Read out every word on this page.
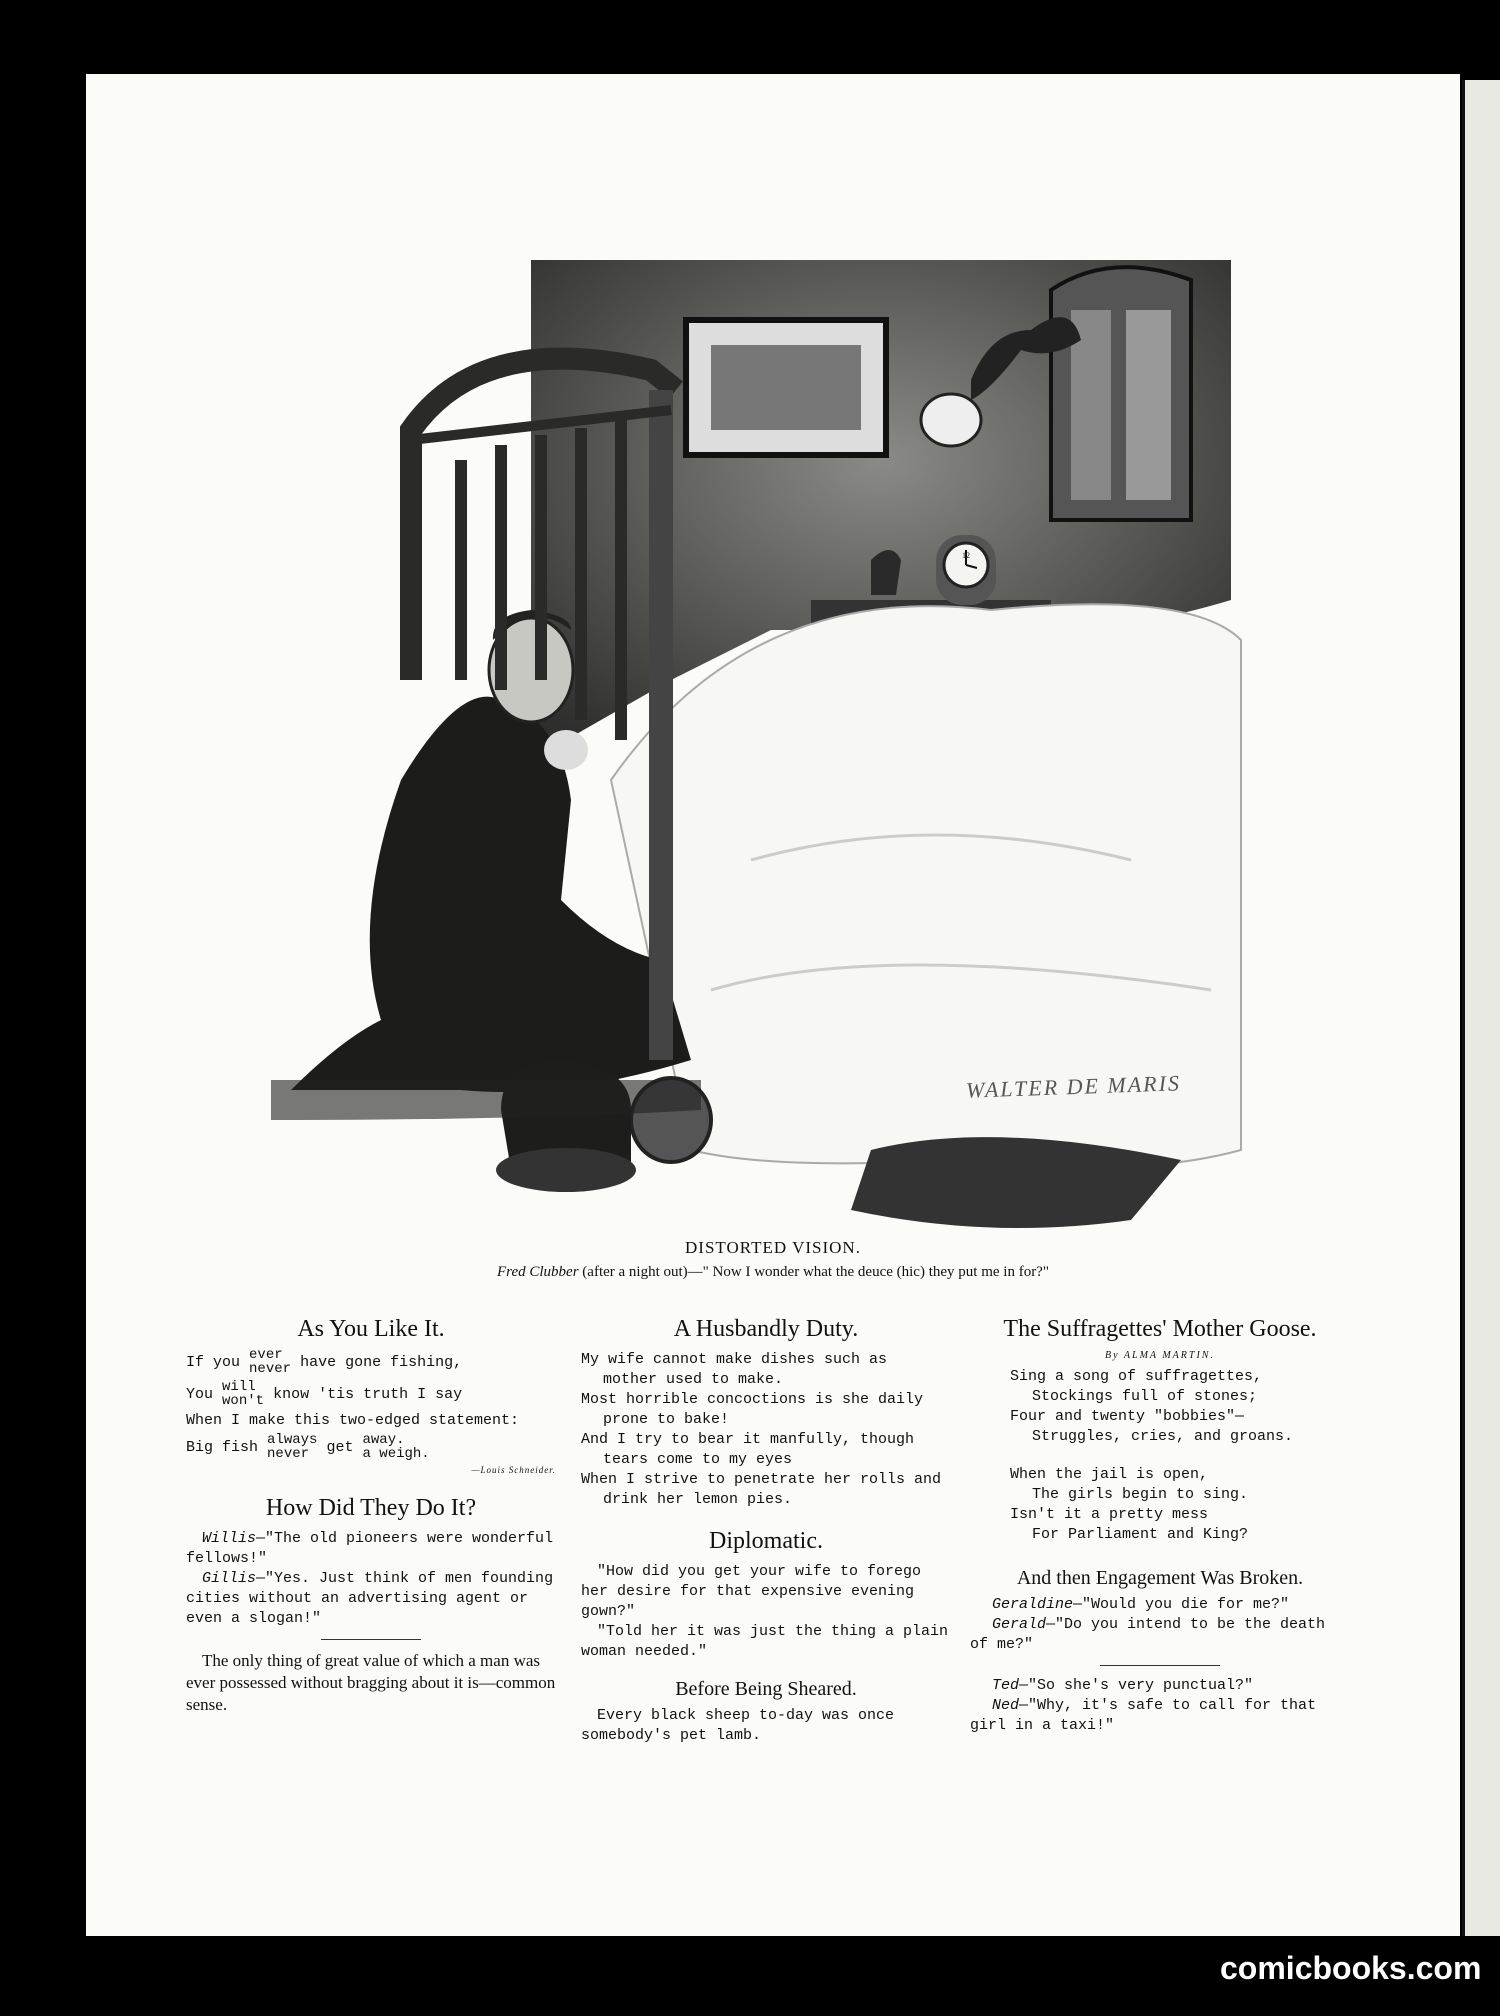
12
WALTER DE MARIS
DISTORTED VISION.
Fred Clubber (after a night out)—" Now I wonder what the deuce (hic) they put me in for?"
As You Like It.
If you ever
never have gone fishing,
You will
won't know 'tis truth I say
When I make this two-edged statement:
Big fish always
never get away.
a weigh.
—Louis Schneider.
How Did They Do It?

Willis—"The old pioneers were wonderful fellows!"

Gillis—"Yes. Just think of men founding cities without an advertising agent or even a slogan!"

The only thing of great value of which a man was ever possessed without bragging about it is—common sense.

A Husbandly Duty.

My wife cannot make dishes such as

mother used to make.

Most horrible concoctions is she daily

prone to bake!

And I try to bear it manfully, though

tears come to my eyes

When I strive to penetrate her rolls and

drink her lemon pies.

Diplomatic.

"How did you get your wife to forego her desire for that expensive evening gown?"

"Told her it was just the thing a plain woman needed."

Before Being Sheared.

Every black sheep to-day was once somebody's pet lamb.

The Suffragettes' Mother Goose.
By ALMA MARTIN.

Sing a song of suffragettes,

Stockings full of stones;

Four and twenty "bobbies"—

Struggles, cries, and groans.

When the jail is open,

The girls begin to sing.

Isn't it a pretty mess

For Parliament and King?

And then Engagement Was Broken.

Geraldine—"Would you die for me?"

Gerald—"Do you intend to be the death of me?"

Ted—"So she's very punctual?"

Ned—"Why, it's safe to call for that girl in a taxi!"

comicbooks.com
